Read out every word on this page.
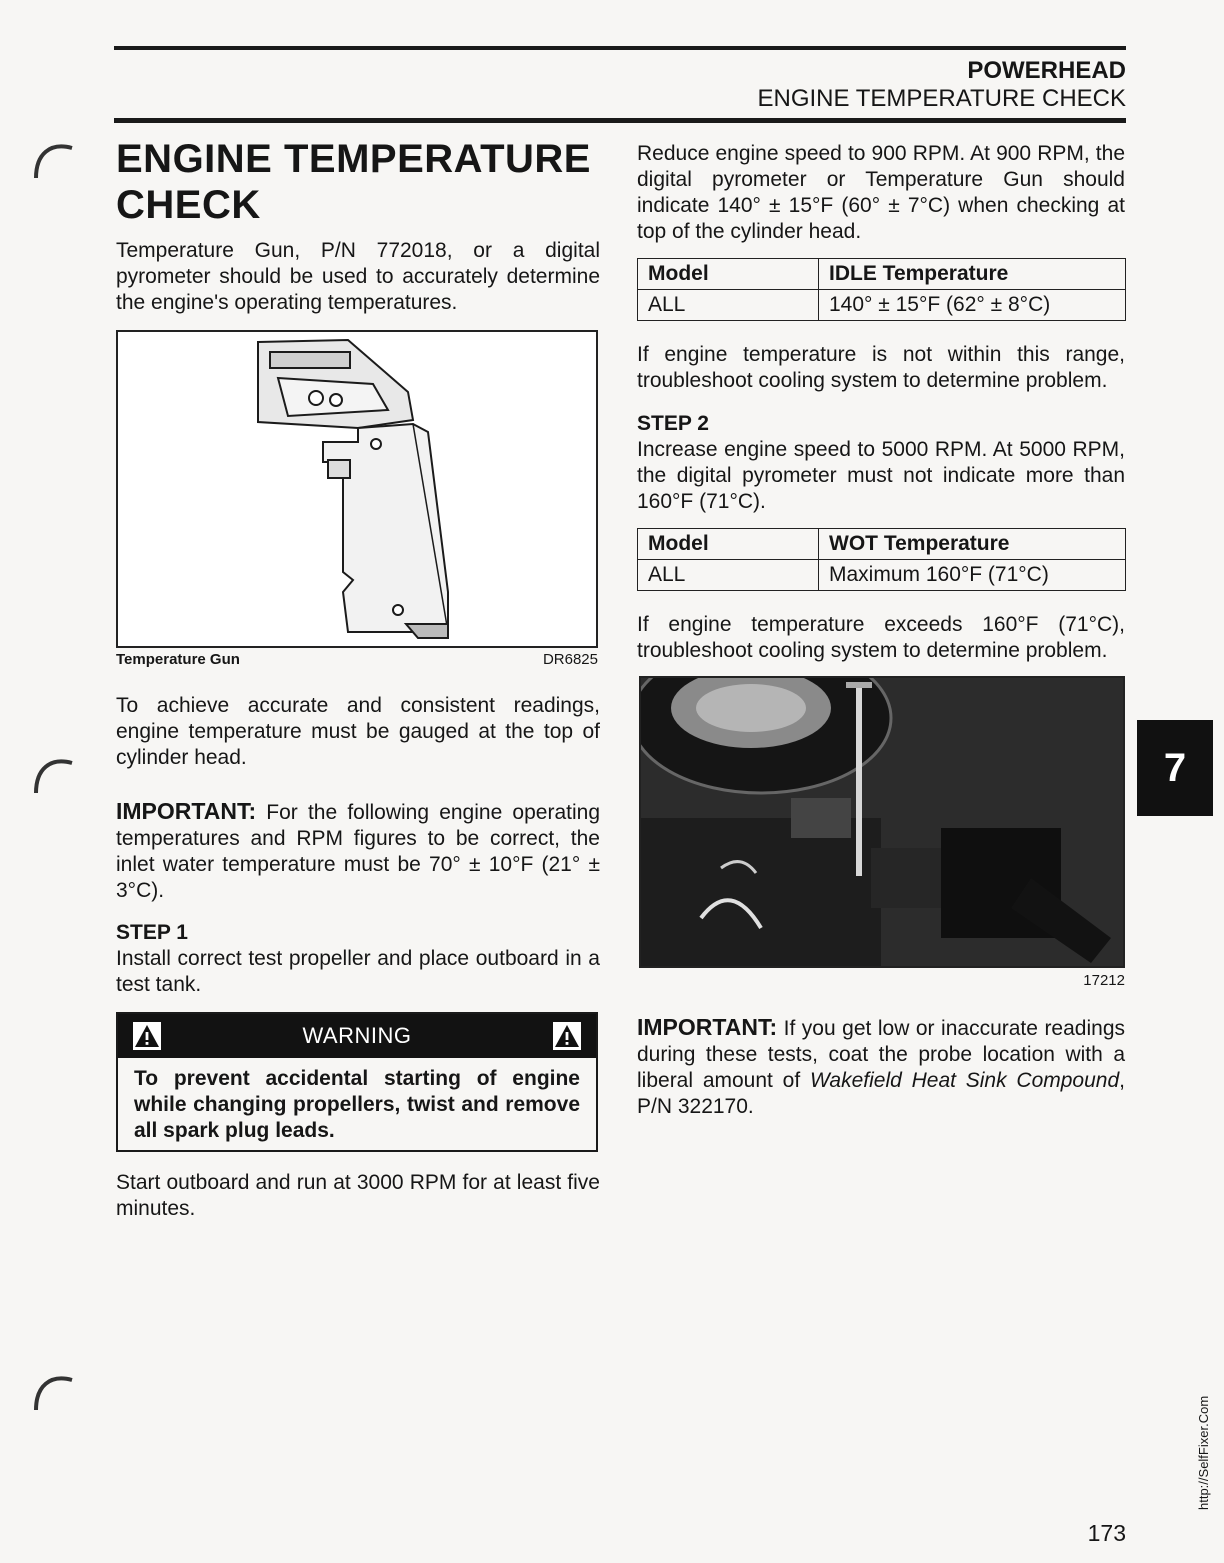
POWERHEAD
ENGINE TEMPERATURE CHECK
ENGINE TEMPERATURE
CHECK
Temperature Gun, P/N 772018, or a digital pyrometer should be used to accurately determine the engine's operating temperatures.
Temperature Gun	DR6825
To achieve accurate and consistent readings, engine temperature must be gauged at the top of cylinder head.
IMPORTANT: For the following engine operating temperatures and RPM figures to be correct, the inlet water temperature must be 70° ± 10°F (21° ± 3°C).
STEP 1
Install correct test propeller and place outboard in a test tank.
WARNING
To prevent accidental starting of engine while changing propellers, twist and remove all spark plug leads.
Start outboard and run at 3000 RPM for at least five minutes.
Reduce engine speed to 900 RPM. At 900 RPM, the digital pyrometer or Temperature Gun should indicate 140° ± 15°F (60° ± 7°C) when checking at top of the cylinder head.
Model	IDLE Temperature
ALL	140° ± 15°F (62° ± 8°C)
If engine temperature is not within this range, troubleshoot cooling system to determine problem.
STEP 2
Increase engine speed to 5000 RPM. At 5000 RPM, the digital pyrometer must not indicate more than 160°F (71°C).
Model	WOT Temperature
ALL	Maximum 160°F (71°C)
If engine temperature exceeds 160°F (71°C), troubleshoot cooling system to determine problem.
17212
IMPORTANT: If you get low or inaccurate readings during these tests, coat the probe location with a liberal amount of Wakefield Heat Sink Compound, P/N 322170.
7
173
http://SelfFixer.Com
